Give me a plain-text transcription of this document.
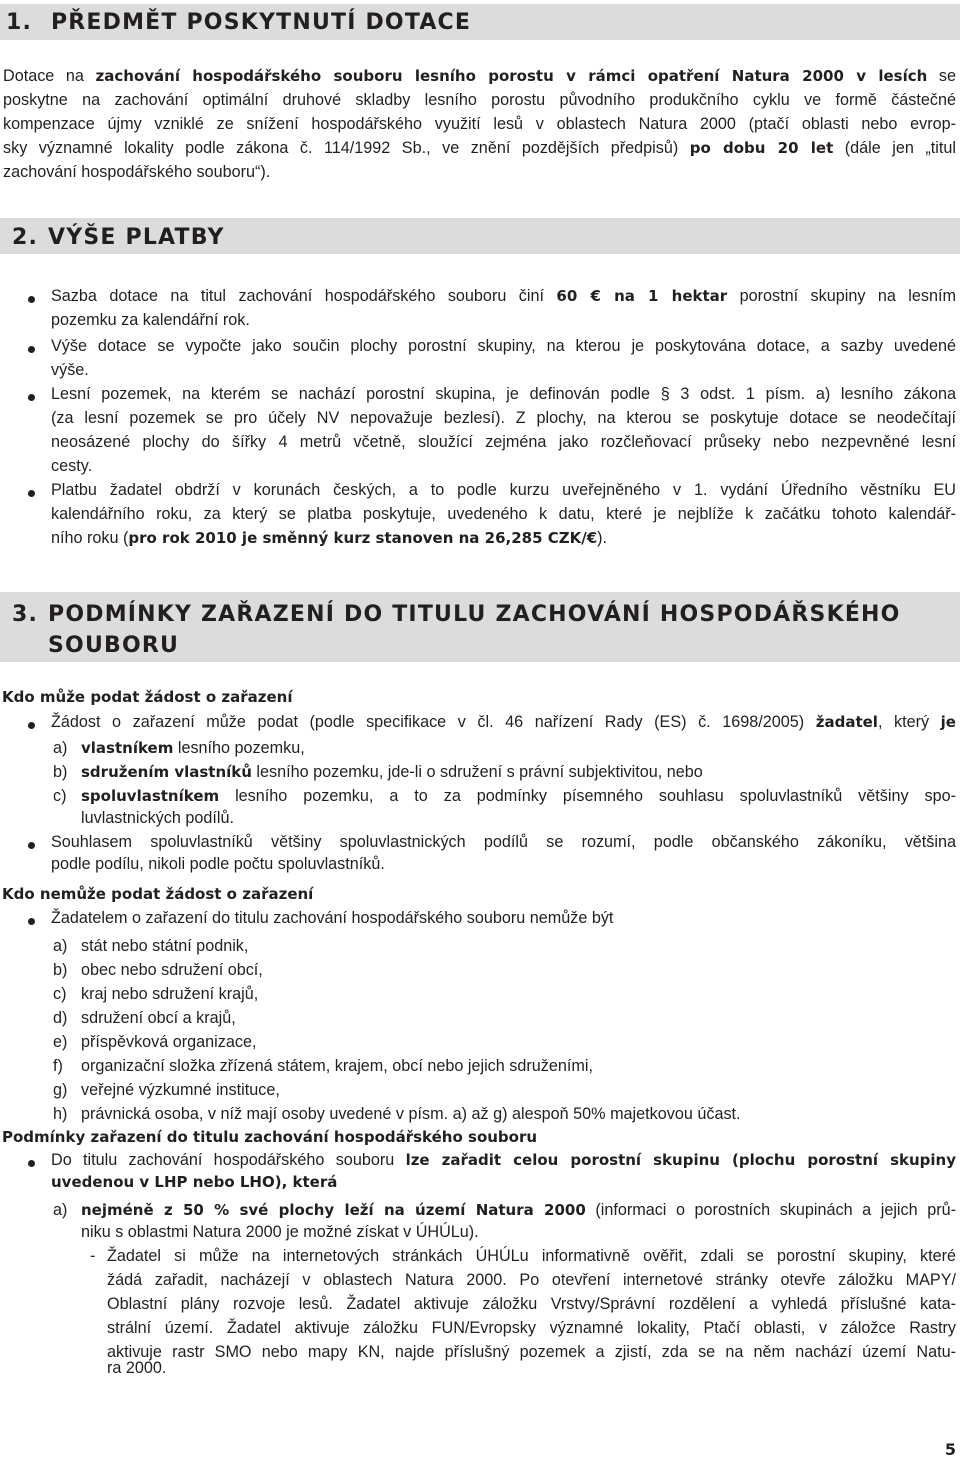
1. PŘEDMĚT POSKYTNUTÍ DOTACE
Dotace na zachování hospodářského souboru lesního porostu v rámci opatření Natura 2000 v lesích se
poskytne na zachování optimální druhové skladby lesního porostu původního produkčního cyklu ve formě částečné
kompenzace újmy vzniklé ze snížení hospodářského využití lesů v oblastech Natura 2000 (ptačí oblasti nebo evrop-
sky významné lokality podle zákona č. 114/1992 Sb., ve znění pozdějších předpisů) po dobu 20 let (dále jen „titul
zachování hospodářského souboru“).
2. VÝŠE PLATBY
Sazba dotace na titul zachování hospodářského souboru činí 60 € na 1 hektar porostní skupiny na lesním
pozemku za kalendářní rok.
Výše dotace se vypočte jako součin plochy porostní skupiny, na kterou je poskytována dotace, a sazby uvedené
výše.
Lesní pozemek, na kterém se nachází porostní skupina, je definován podle § 3 odst. 1 písm. a) lesního zákona
(za lesní pozemek se pro účely NV nepovažuje bezlesí). Z plochy, na kterou se poskytuje dotace se neodečítají
neosázené plochy do šířky 4 metrů včetně, sloužící zejména jako rozčleňovací průseky nebo nezpevněné lesní
cesty.
Platbu žadatel obdrží v korunách českých, a to podle kurzu uveřejněného v 1. vydání Úředního věstníku EU
kalendářního roku, za který se platba poskytuje, uvedeného k datu, které je nejblíže k začátku tohoto kalendář-
ního roku (pro rok 2010 je směnný kurz stanoven na 26,285 CZK/€).
3. PODMÍNKY ZAŘAZENÍ DO TITULU ZACHOVÁNÍ HOSPODÁŘSKÉHO
SOUBORU
Kdo může podat žádost o zařazení
Žádost o zařazení může podat (podle specifikace v čl. 46 nařízení Rady (ES) č. 1698/2005) žadatel, který je
a) vlastníkem lesního pozemku,
b) sdružením vlastníků lesního pozemku, jde-li o sdružení s právní subjektivitou, nebo
c) spoluvlastníkem lesního pozemku, a to za podmínky písemného souhlasu spoluvlastníků většiny spo-
luvlastnických podílů.
Souhlasem spoluvlastníků většiny spoluvlastnických podílů se rozumí, podle občanského zákoníku, většina
podle podílu, nikoli podle počtu spoluvlastníků.
Kdo nemůže podat žádost o zařazení
Žadatelem o zařazení do titulu zachování hospodářského souboru nemůže být
a) stát nebo státní podnik,
b) obec nebo sdružení obcí,
c) kraj nebo sdružení krajů,
d) sdružení obcí a krajů,
e) příspěvková organizace,
f) organizační složka zřízená státem, krajem, obcí nebo jejich sdruženími,
g) veřejné výzkumné instituce,
h) právnická osoba, v níž mají osoby uvedené v písm. a) až g) alespoň 50% majetkovou účast.
Podmínky zařazení do titulu zachování hospodářského souboru
Do titulu zachování hospodářského souboru lze zařadit celou porostní skupinu (plochu porostní skupiny
uvedenou v LHP nebo LHO), která
a) nejméně z 50 % své plochy leží na území Natura 2000 (informaci o porostních skupinách a jejich prů-
niku s oblastmi Natura 2000 je možné získat v ÚHÚLu).
- Žadatel si může na internetových stránkách ÚHÚLu informativně ověřit, zdali se porostní skupiny, které
žádá zařadit, nacházejí v oblastech Natura 2000. Po otevření internetové stránky otevře záložku MAPY/
Oblastní plány rozvoje lesů. Žadatel aktivuje záložku Vrstvy/Správní rozdělení a vyhledá příslušné kata-
strální území. Žadatel aktivuje záložku FUN/Evropsky významné lokality, Ptačí oblasti, v záložce Rastry
aktivuje rastr SMO nebo mapy KN, najde příslušný pozemek a zjistí, zda se na něm nachází území Natu-
ra 2000.
5
